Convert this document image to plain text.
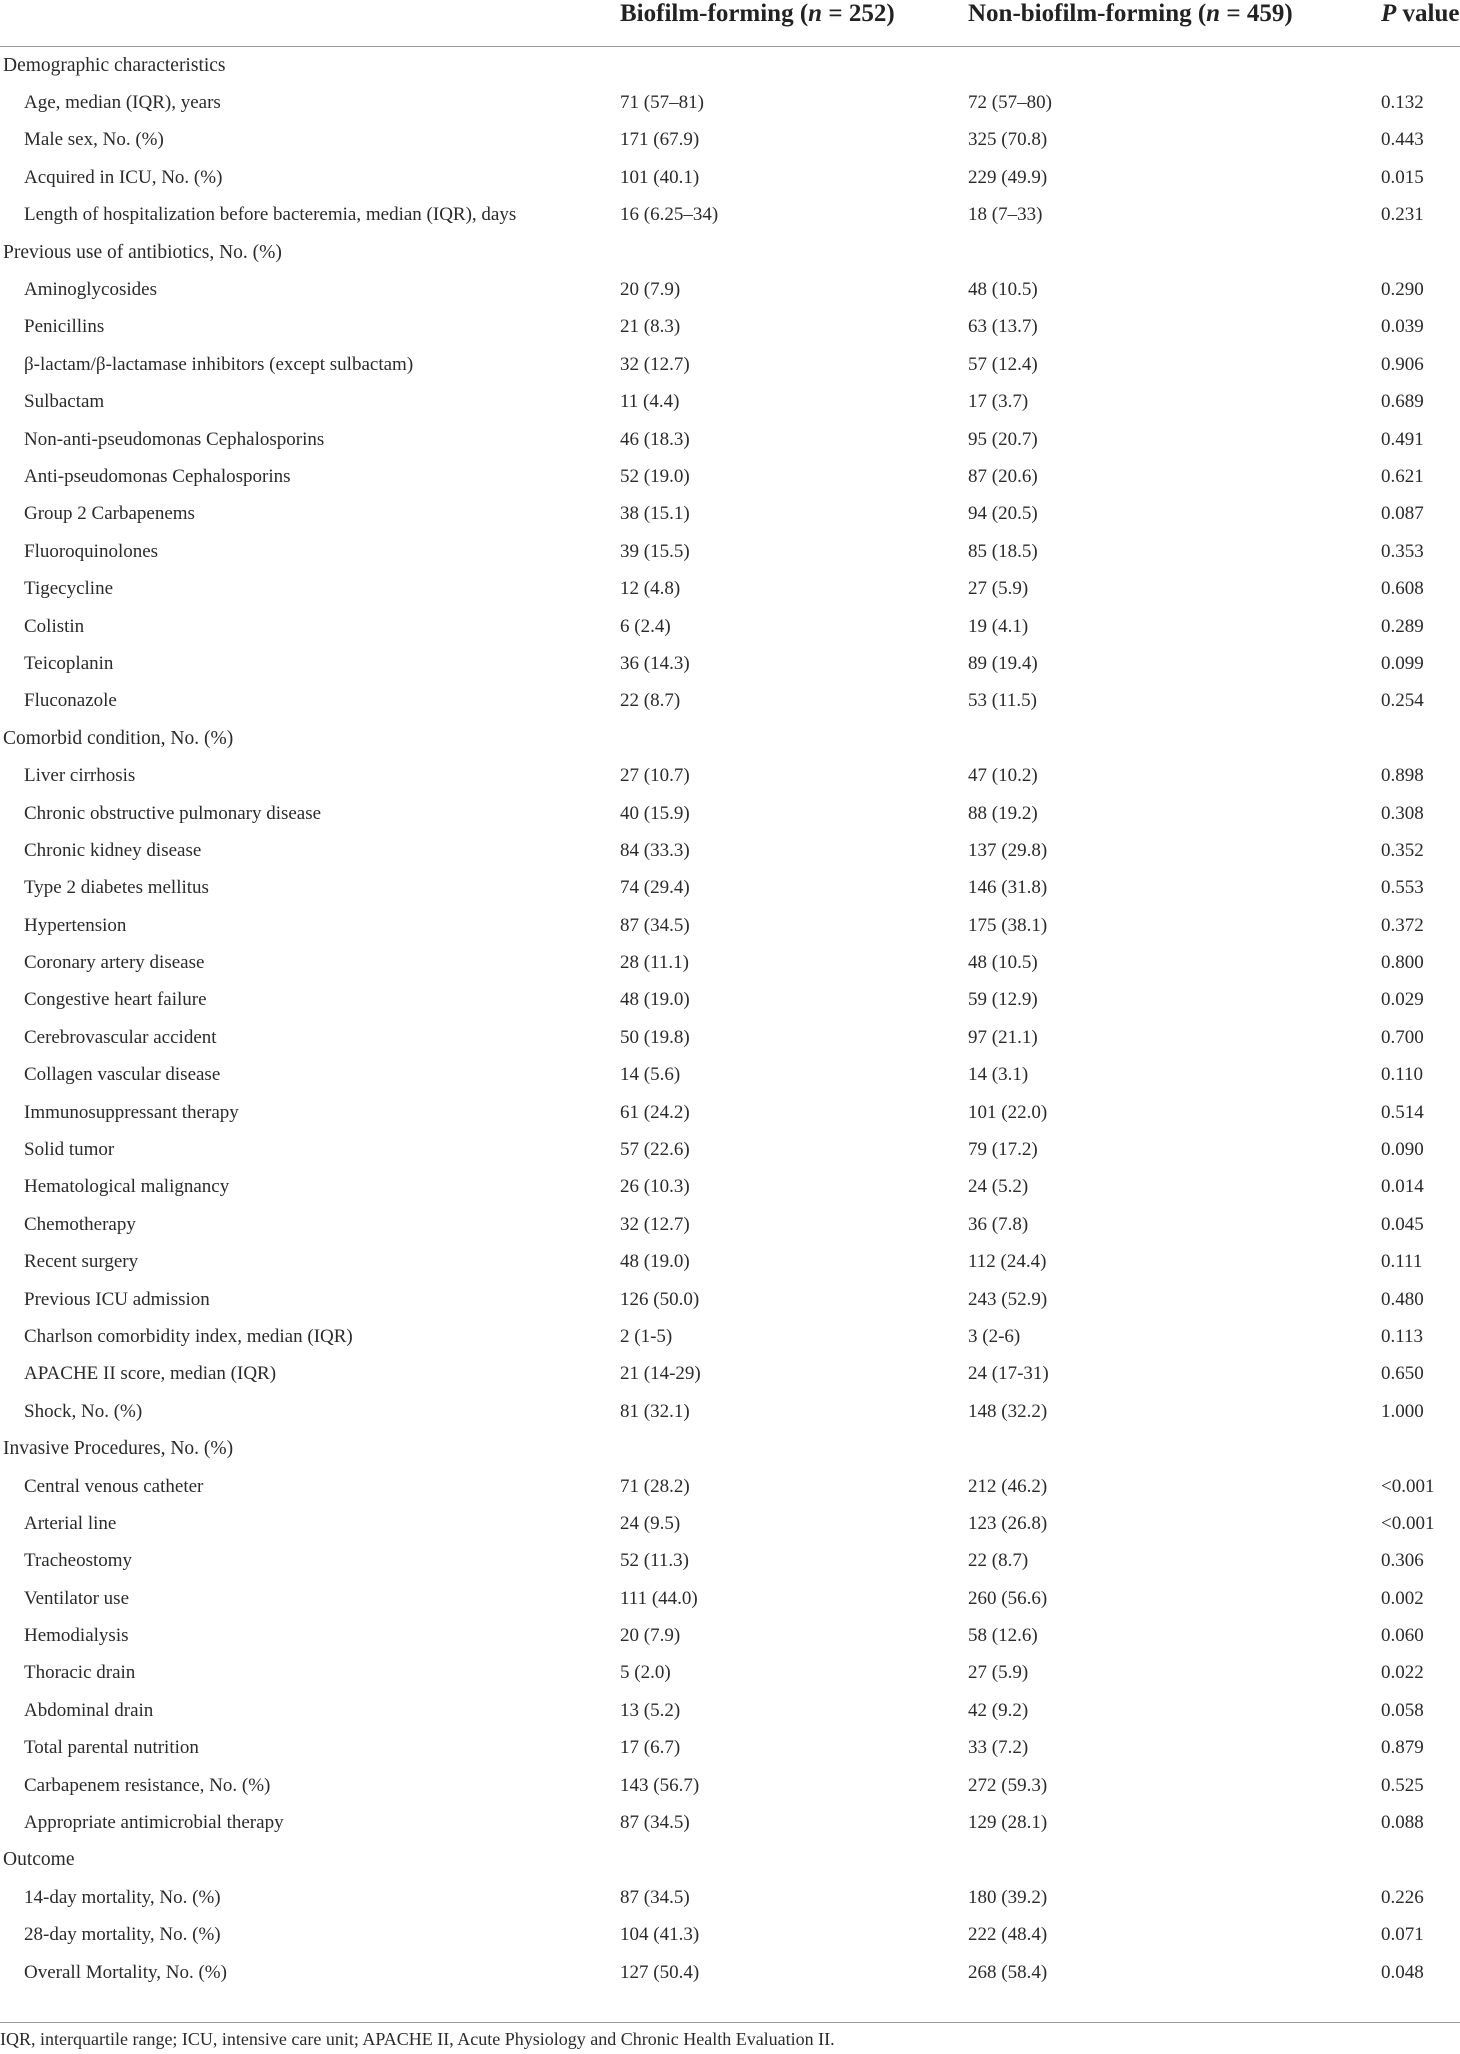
	Biofilm-forming (n = 252)	Non-biofilm-forming (n = 459)	P value
Demographic characteristics			
Age, median (IQR), years	71 (57–81)	72 (57–80)	0.132
Male sex, No. (%)	171 (67.9)	325 (70.8)	0.443
Acquired in ICU, No. (%)	101 (40.1)	229 (49.9)	0.015
Length of hospitalization before bacteremia, median (IQR), days	16 (6.25–34)	18 (7–33)	0.231
Previous use of antibiotics, No. (%)			
Aminoglycosides	20 (7.9)	48 (10.5)	0.290
Penicillins	21 (8.3)	63 (13.7)	0.039
β-lactam/β-lactamase inhibitors (except sulbactam)	32 (12.7)	57 (12.4)	0.906
Sulbactam	11 (4.4)	17 (3.7)	0.689
Non-anti-pseudomonas Cephalosporins	46 (18.3)	95 (20.7)	0.491
Anti-pseudomonas Cephalosporins	52 (19.0)	87 (20.6)	0.621
Group 2 Carbapenems	38 (15.1)	94 (20.5)	0.087
Fluoroquinolones	39 (15.5)	85 (18.5)	0.353
Tigecycline	12 (4.8)	27 (5.9)	0.608
Colistin	6 (2.4)	19 (4.1)	0.289
Teicoplanin	36 (14.3)	89 (19.4)	0.099
Fluconazole	22 (8.7)	53 (11.5)	0.254
Comorbid condition, No. (%)			
Liver cirrhosis	27 (10.7)	47 (10.2)	0.898
Chronic obstructive pulmonary disease	40 (15.9)	88 (19.2)	0.308
Chronic kidney disease	84 (33.3)	137 (29.8)	0.352
Type 2 diabetes mellitus	74 (29.4)	146 (31.8)	0.553
Hypertension	87 (34.5)	175 (38.1)	0.372
Coronary artery disease	28 (11.1)	48 (10.5)	0.800
Congestive heart failure	48 (19.0)	59 (12.9)	0.029
Cerebrovascular accident	50 (19.8)	97 (21.1)	0.700
Collagen vascular disease	14 (5.6)	14 (3.1)	0.110
Immunosuppressant therapy	61 (24.2)	101 (22.0)	0.514
Solid tumor	57 (22.6)	79 (17.2)	0.090
Hematological malignancy	26 (10.3)	24 (5.2)	0.014
Chemotherapy	32 (12.7)	36 (7.8)	0.045
Recent surgery	48 (19.0)	112 (24.4)	0.111
Previous ICU admission	126 (50.0)	243 (52.9)	0.480
Charlson comorbidity index, median (IQR)	2 (1-5)	3 (2-6)	0.113
APACHE II score, median (IQR)	21 (14-29)	24 (17-31)	0.650
Shock, No. (%)	81 (32.1)	148 (32.2)	1.000
Invasive Procedures, No. (%)			
Central venous catheter	71 (28.2)	212 (46.2)	<0.001
Arterial line	24 (9.5)	123 (26.8)	<0.001
Tracheostomy	52 (11.3)	22 (8.7)	0.306
Ventilator use	111 (44.0)	260 (56.6)	0.002
Hemodialysis	20 (7.9)	58 (12.6)	0.060
Thoracic drain	5 (2.0)	27 (5.9)	0.022
Abdominal drain	13 (5.2)	42 (9.2)	0.058
Total parental nutrition	17 (6.7)	33 (7.2)	0.879
Carbapenem resistance, No. (%)	143 (56.7)	272 (59.3)	0.525
Appropriate antimicrobial therapy	87 (34.5)	129 (28.1)	0.088
Outcome			
14-day mortality, No. (%)	87 (34.5)	180 (39.2)	0.226
28-day mortality, No. (%)	104 (41.3)	222 (48.4)	0.071
Overall Mortality, No. (%)	127 (50.4)	268 (58.4)	0.048
IQR, interquartile range; ICU, intensive care unit; APACHE II, Acute Physiology and Chronic Health Evaluation II.
